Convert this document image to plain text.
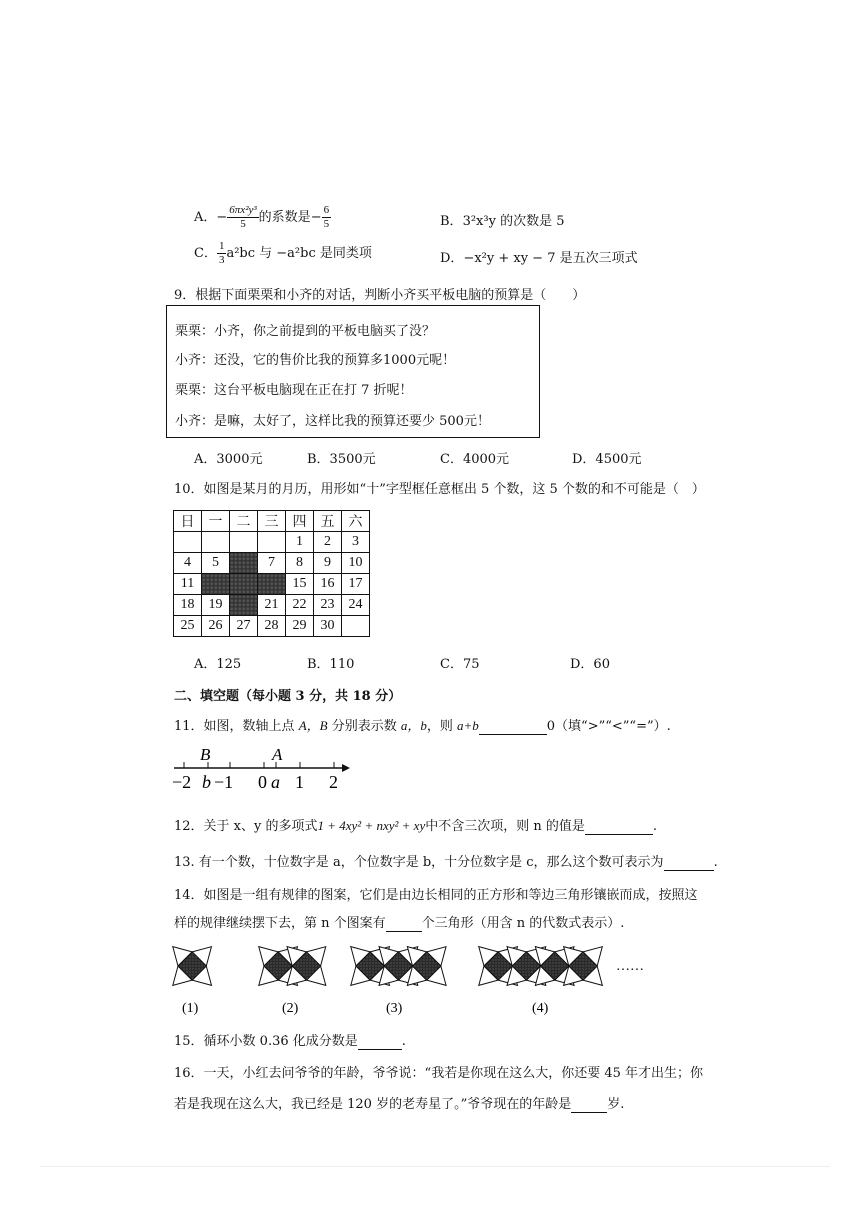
A．− $\frac{\text{6πx²y³}}{5}$ 的系数是− $\frac{6}{5}$	B．3²x³y 的次数是 5
C． $\frac{1}{3} a^2bc$ 与 −a²bc 是同类项	D．−x²y + xy − 7 是五次三项式
9．根据下面栗栗和小齐的对话，判断小齐买平板电脑的预算是（　　）
栗栗：小齐，你之前提到的平板电脑买了没？
小齐：还没，它的售价比我的预算多1000元呢！
栗栗：这台平板电脑现在正在打 7 折呢！
小齐：是嘛，太好了，这样比我的预算还要少 500元！
A．3000元	B．3500元	C．4000元	D．4500元
10．如图是某月的月历，用形如“十”字型框任意框出 5 个数，这 5 个数的和不可能是（　）
日	一	二	三	四	五	六
				1	2	3
4	5		7	8	9	10
11				15	16	17
18	19		21	22	23	24
25	26	27	28	29	30	
A．125	B．110	C．75	D．60
二、填空题（每小题 3 分，共 18 分）
11．如图，数轴上点 A，B 分别表示数 a，b，则 a+b	0（填“>”“<”“=”）.
B	A
−2 b −1 0 a 1 2
12．关于 x、y 的多项式1 + 4xy² + nxy² + xy中不含三次项，则 n 的值是	.
13. 有一个数，十位数字是 a，个位数字是 b，十分位数字是 c，那么这个数可表示为	.
14．如图是一组有规律的图案，它们是由边长相同的正方形和等边三角形镶嵌而成，按照这
样的规律继续摆下去，第 n 个图案有	个三角形（用含 n 的代数式表示）.
(1)	(2)	(3)	(4)
……
15．循环小数 0.36̇ 化成分数是	.
16．一天，小红去问爷爷的年龄，爷爷说：“我若是你现在这么大，你还要 45 年才出生；你
若是我现在这么大，我已经是 120 岁的老寿星了。”爷爷现在的年龄是	岁.
